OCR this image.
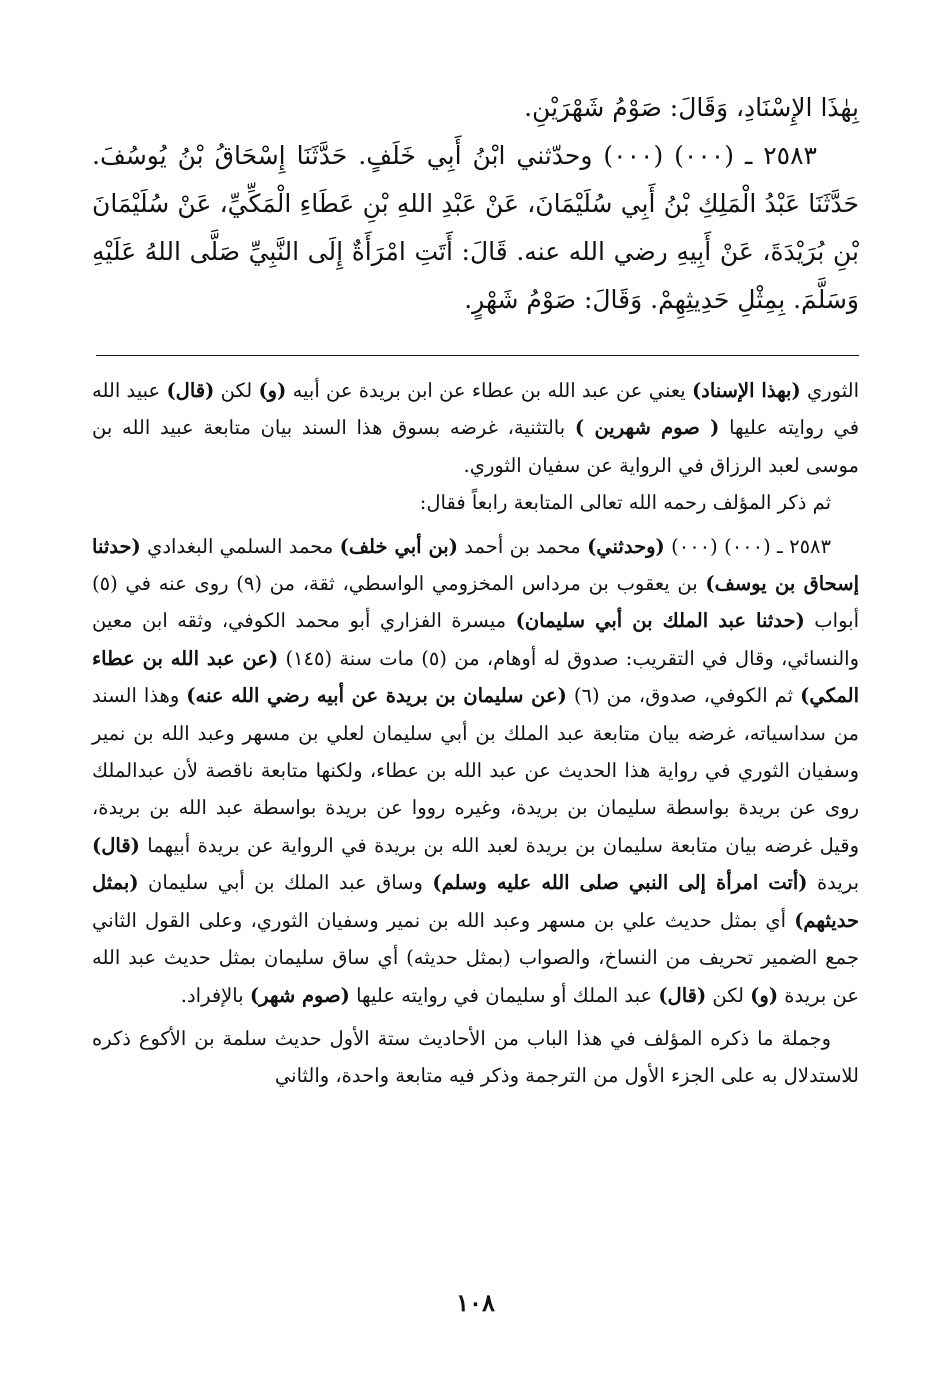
بِهٰذَا الإِسْنَادِ، وَقَالَ: صَوْمُ شَهْرَيْنِ.

٢٥٨٣ ـ (٠٠٠) (٠٠٠) وحدّثني ابْنُ أَبِي خَلَفٍ. حَدَّثَنَا إِسْحَاقُ بْنُ يُوسُفَ. حَدَّثَنَا عَبْدُ الْمَلِكِ بْنُ أَبِي سُلَيْمَانَ، عَنْ عَبْدِ اللهِ بْنِ عَطَاءِ الْمَكِّيِّ، عَنْ سُلَيْمَانَ بْنِ بُرَيْدَةَ، عَنْ أَبِيهِ رضي الله عنه. قَالَ: أَتَتِ امْرَأَةٌ إِلَى النَّبِيِّ صَلَّى اللهُ عَلَيْهِ وَسَلَّمَ. بِمِثْلِ حَدِيثِهِمْ. وَقَالَ: صَوْمُ شَهْرٍ.

الثوري (بهذا الإسناد) يعني عن عبد الله بن عطاء عن ابن بريدة عن أبيه (و) لكن (قال) عبيد الله في روايته عليها ( صوم شهرين ) بالتثنية، غرضه بسوق هذا السند بيان متابعة عبيد الله بن موسى لعبد الرزاق في الرواية عن سفيان الثوري.

ثم ذكر المؤلف رحمه الله تعالى المتابعة رابعاً فقال:

٢٥٨٣ ـ (٠٠٠) (٠٠٠) (وحدثني) محمد بن أحمد (بن أبي خلف) محمد السلمي البغدادي (حدثنا إسحاق بن يوسف) بن يعقوب بن مرداس المخزومي الواسطي، ثقة، من (٩) روى عنه في (٥) أبواب (حدثنا عبد الملك بن أبي سليمان) ميسرة الفزاري أبو محمد الكوفي، وثقه ابن معين والنسائي، وقال في التقريب: صدوق له أوهام، من (٥) مات سنة (١٤٥) (عن عبد الله بن عطاء المكي) ثم الكوفي، صدوق، من (٦) (عن سليمان بن بريدة عن أبيه رضي الله عنه) وهذا السند من سداسياته، غرضه بيان متابعة عبد الملك بن أبي سليمان لعلي بن مسهر وعبد الله بن نمير وسفيان الثوري في رواية هذا الحديث عن عبد الله بن عطاء، ولكنها متابعة ناقصة لأن عبدالملك روى عن بريدة بواسطة سليمان بن بريدة، وغيره رووا عن بريدة بواسطة عبد الله بن بريدة، وقيل غرضه بيان متابعة سليمان بن بريدة لعبد الله بن بريدة في الرواية عن بريدة أبيهما (قال) بريدة (أتت امرأة إلى النبي صلى الله عليه وسلم) وساق عبد الملك بن أبي سليمان (بمثل حديثهم) أي بمثل حديث علي بن مسهر وعبد الله بن نمير وسفيان الثوري، وعلى القول الثاني جمع الضمير تحريف من النساخ، والصواب (بمثل حديثه) أي ساق سليمان بمثل حديث عبد الله عن بريدة (و) لكن (قال) عبد الملك أو سليمان في روايته عليها (صوم شهر) بالإفراد.

وجملة ما ذكره المؤلف في هذا الباب من الأحاديث ستة الأول حديث سلمة بن الأكوع ذكره للاستدلال به على الجزء الأول من الترجمة وذكر فيه متابعة واحدة، والثاني

١٠٨
